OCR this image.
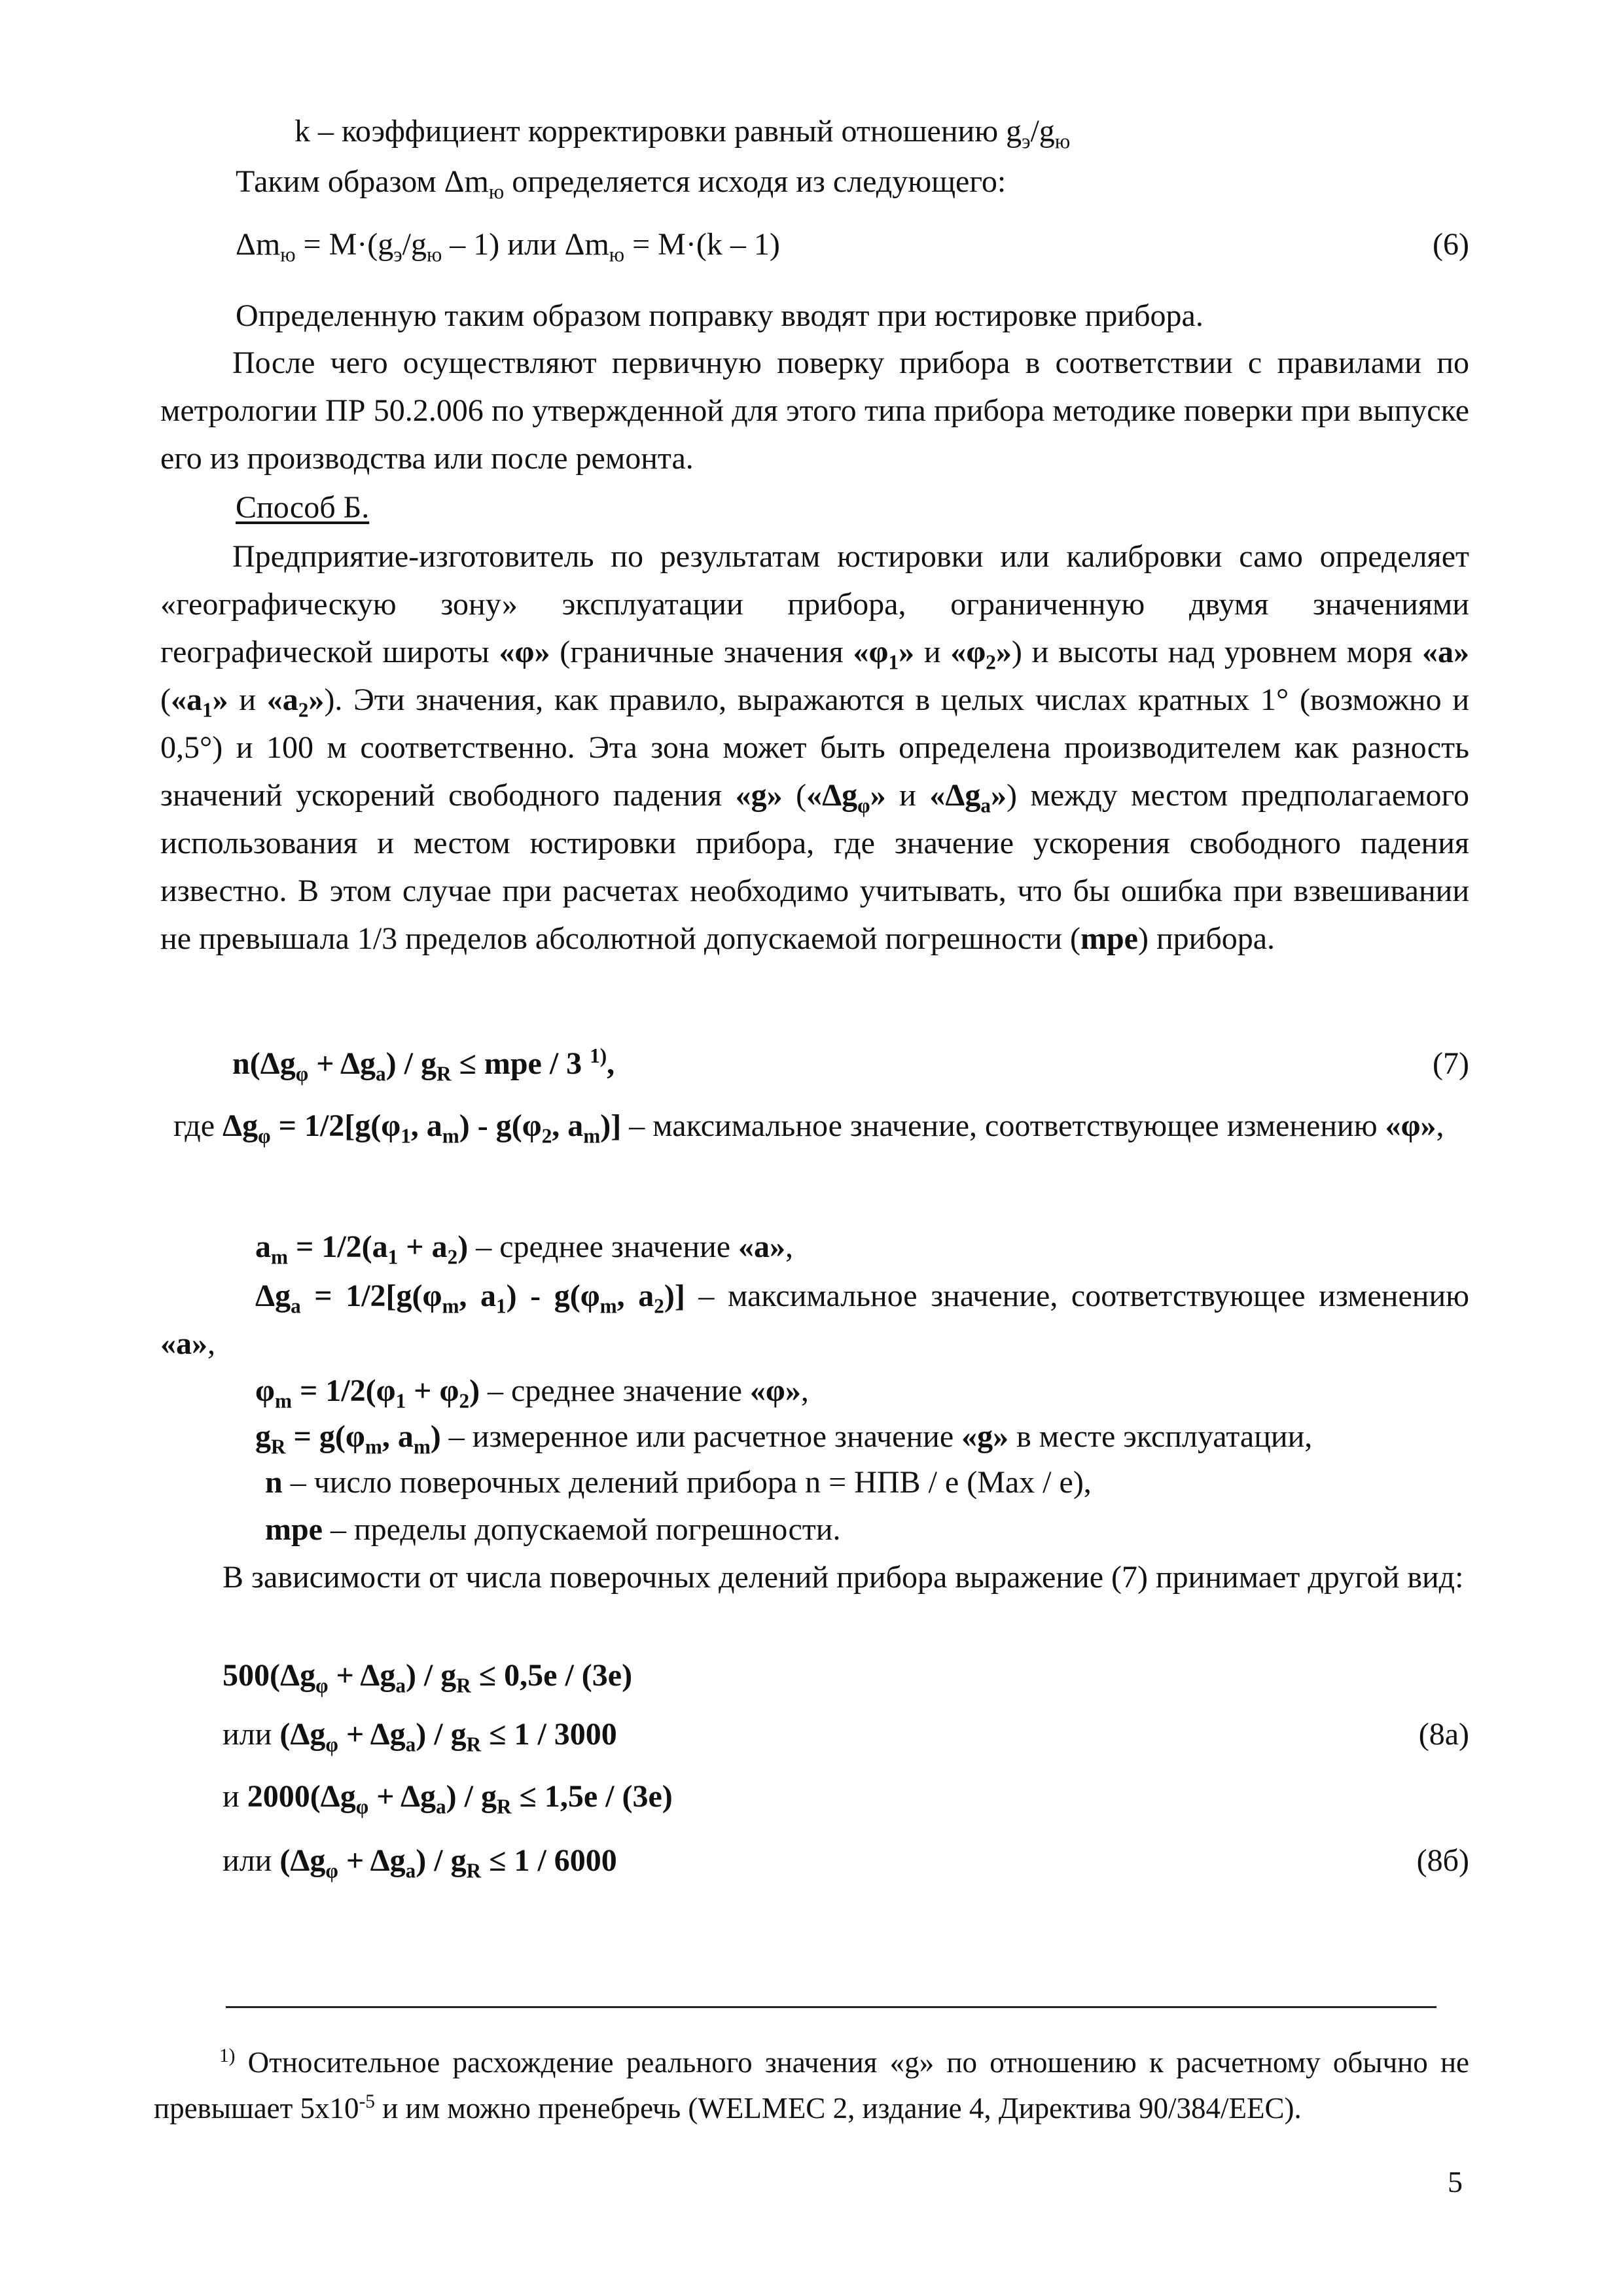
k – коэффициент корректировки равный отношению $g_э/g_ю$
Таким образом $\Delta m_ю$ определяется исходя из следующего:
$\Delta m_ю = M\cdot(g_э/g_ю - 1)$ или $\Delta m_ю = M\cdot(k - 1)$	(6)
Определенную таким образом поправку вводят при юстировке прибора.
После чего осуществляют первичную поверку прибора в соответствии с правилами по метрологии ПР 50.2.006 по утвержденной для этого типа прибора методике поверки при выпуске его из производства или после ремонта.
Способ Б.
Предприятие-изготовитель по результатам юстировки или калибровки само определяет «географическую зону» эксплуатации прибора, ограниченную двумя значениями географической широты «φ» (граничные значения «$\varphi_1$» и «$\varphi_2$») и высоты над уровнем моря «а» («$а_1$» и «$а_2$»). Эти значения, как правило, выражаются в целых числах кратных 1° (возможно и 0,5°) и 100 м соответственно. Эта зона может быть определена производителем как разность значений ускорений свободного падения «g» («$\Delta g_\varphi$» и «$\Delta g_a$») между местом предполагаемого использования и местом юстировки прибора, где значение ускорения свободного падения известно. В этом случае при расчетах необходимо учитывать, что бы ошибка при взвешивании не превышала 1/3 пределов абсолютной допускаемой погрешности (mpe) прибора.
$n(\Delta g_\varphi + \Delta g_a) / g_R$ ≤ mpe / 3 $^{1)}$,	(7)
где $\Delta g_\varphi = 1/2[g(\varphi_1$, $a_m) - g(\varphi_2$, $a_m$)] – максимальное значение, соответствующее изменению «φ»,
$a_m = 1/2(a_1 + a_2)$ – среднее значение «a»,
$\Delta g_a = 1/2[g(\varphi_m$, $a_1) - g(\varphi_m$, $a_2$)] – максимальное значение, соответствующее изменению «a»,
$\varphi_m = 1/2(\varphi_1 + \varphi_2)$ – среднее значение «φ»,
$g_R = g(\varphi_m$, $a_m$) – измеренное или расчетное значение «g» в месте эксплуатации,
n – число поверочных делений прибора n = НПВ / e (Max / e),
mpe – пределы допускаемой погрешности.
В зависимости от числа поверочных делений прибора выражение (7) принимает другой вид:
$500(\Delta g_\varphi + \Delta g_a) / g_R \le 0,5e / (3e)$
или $(\Delta g_\varphi + \Delta g_a) / g_R \le 1 / 3000$	(8а)
и $2000(\Delta g_\varphi + \Delta g_a) / g_R \le 1,5e / (3e)$
или $(\Delta g_\varphi + \Delta g_a) / g_R \le 1 / 6000$	(8б)
$^{1)}$ Относительное расхождение реального значения «g» по отношению к расчетному обычно не превышает $5х10^{-5}$ и им можно пренебречь (WELMEC 2, издание 4, Директива 90/384/EEC).
5
